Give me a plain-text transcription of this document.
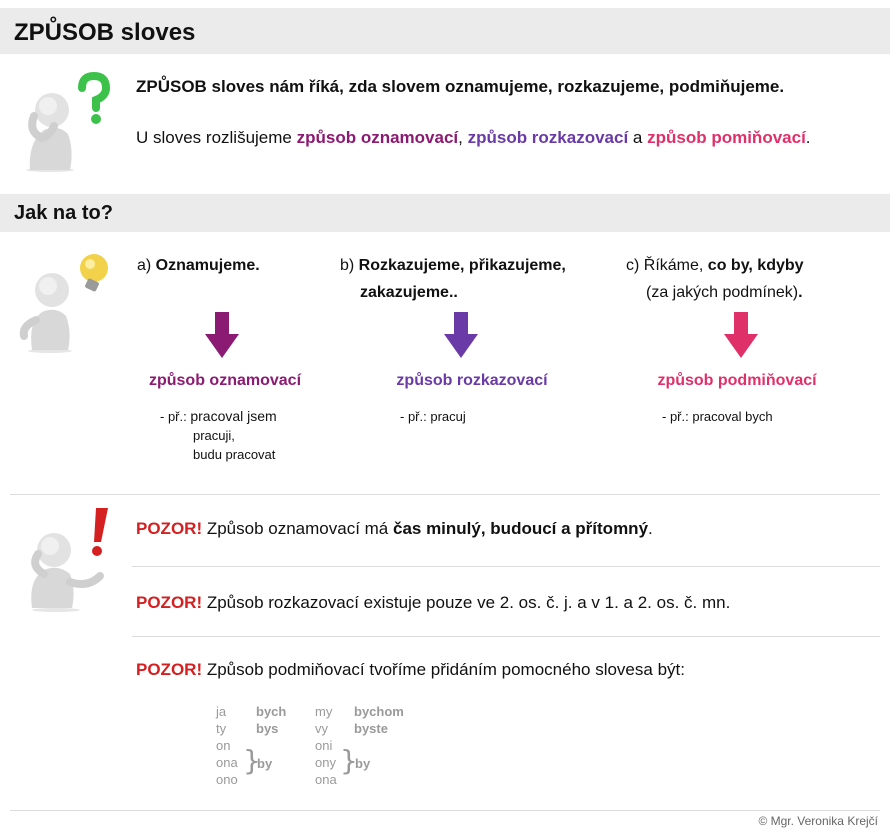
ZPŮSOB sloves
ZPŮSOB sloves nám říká, zda slovem oznamujeme, rozkazujeme, podmiňujeme.
U sloves rozlišujeme způsob oznamovací, způsob rozkazovací a způsob pomiňovací.
Jak na to?
a) Oznamujeme.
způsob oznamovací
- př.: pracoval jsem
pracuji,
budu pracovat
b) Rozkazujeme, přikazujeme,
zakazujeme..
způsob rozkazovací
- př.: pracuj
c) Říkáme, co by, kdyby
(za jakých podmínek).
způsob podmiňovací
- př.: pracoval bych
POZOR! Způsob oznamovací má čas minulý, budoucí a přítomný.
POZOR! Způsob rozkazovací existuje pouze ve 2. os. č. j. a v 1. a 2. os. č. mn.
POZOR! Způsob podmiňovací tvoříme přidáním pomocného slovesa být:
ja
ty
on
ona
ono
bych
bys
}
by
my
vy
oni
ony
ona
bychom
byste
}
by
© Mgr. Veronika Krejčí
